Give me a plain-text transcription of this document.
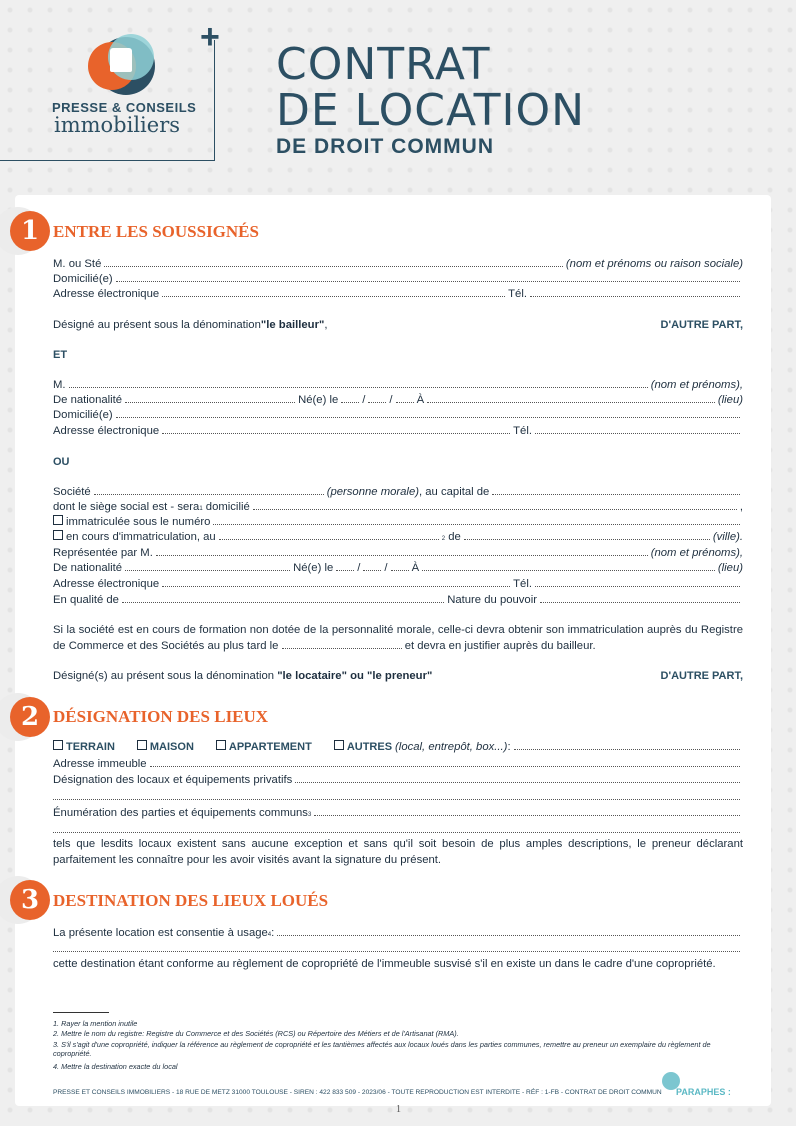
PRESSE & CONSEILS
immobiliers
+
CONTRAT
DE LOCATION
DE DROIT COMMUN
1 ENTRE LES SOUSSIGNÉS
M. ou Sté	(nom et prénoms ou raison sociale)
Domicilié(e)
Adresse électronique	Tél.
Désigné au présent sous la dénomination "le bailleur" ,	D'AUTRE PART,
ET
M.	(nom et prénoms),
De nationalité	Né(e) le / / À	(lieu)
Domicilié(e)
Adresse électronique	Tél.
OU
Société	(personne morale) , au capital de
dont le siège social est - sera 1 domicilié	,
immatriculée sous le numéro
en cours d'immatriculation, au	$_2$ de	(ville).
Représentée par M.	(nom et prénoms),
De nationalité	Né(e) le / / À	(lieu)
Adresse électronique	Tél.
En qualité de	Nature du pouvoir
Si la société est en cours de formation non dotée de la personnalité morale, celle-ci devra obtenir son immatriculation auprès du Registre de Commerce et des Sociétés au plus tard le	et devra en justifier auprès du bailleur.
Désigné(s) au présent sous la dénomination "le locataire" ou "le preneur"	D'AUTRE PART,
2 DÉSIGNATION DES LIEUX
TERRAIN	MAISON	APPARTEMENT	AUTRES (local, entrepôt, box...) :
Adresse immeuble
Désignation des locaux et équipements privatifs
Énumération des parties et équipements communs 3
tels que lesdits locaux existent sans aucune exception et sans qu'il soit besoin de plus amples descriptions, le preneur déclarant parfaitement les connaître pour les avoir visités avant la signature du présent.
3 DESTINATION DES LIEUX LOUÉS
La présente location est consentie à usage 4 :
cette destination étant conforme au règlement de copropriété de l'immeuble susvisé s'il en existe un dans le cadre d'une copropriété.
1. Rayer la mention inutile
2. Mettre le nom du registre: Registre du Commerce et des Sociétés (RCS) ou Répertoire des Métiers et de l'Artisanat (RMA).
3. S'il s'agit d'une copropriété, indiquer la référence au règlement de copropriété et les tantièmes affectés aux locaux loués dans les parties communes, remettre au preneur un exemplaire du règlement de copropriété.
4. Mettre la destination exacte du local
PRESSE ET CONSEILS IMMOBILIERS - 18 RUE DE METZ 31000 TOULOUSE - SIREN : 422 833 509 - 2023/06 - TOUTE REPRODUCTION EST INTERDITE - RÉF : 1-FB - CONTRAT DE DROIT COMMUN PARAPHES :
1
